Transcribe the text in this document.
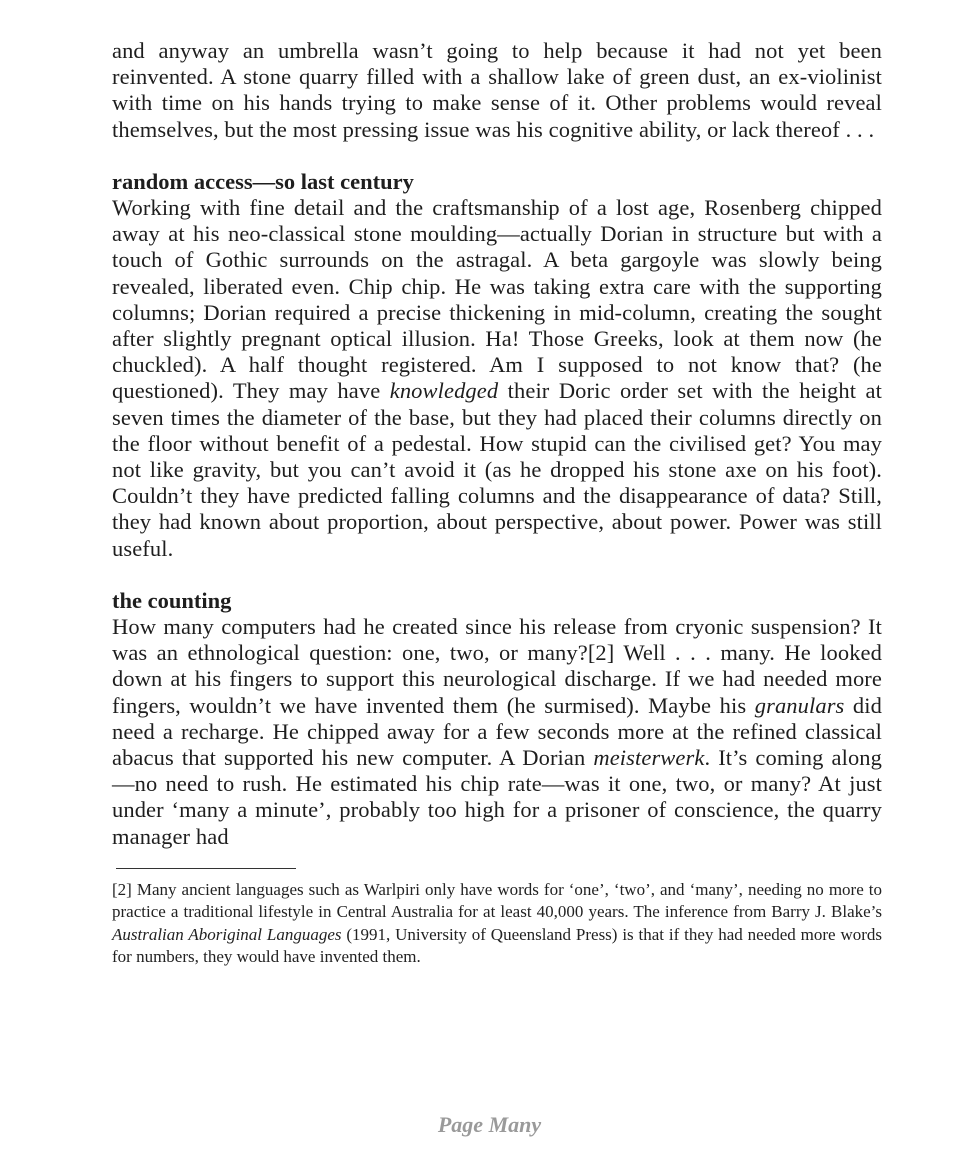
and anyway an umbrella wasn’t going to help because it had not yet been reinvented. A stone quarry filled with a shallow lake of green dust, an ex-violinist with time on his hands trying to make sense of it. Other problems would reveal themselves, but the most pressing issue was his cognitive ability, or lack thereof . . .

random access—so last century

Working with fine detail and the craftsmanship of a lost age, Rosenberg chipped away at his neo-classical stone moulding—actually Dorian in structure but with a touch of Gothic surrounds on the astragal. A beta gargoyle was slowly being revealed, liberated even. Chip chip. He was taking extra care with the supporting columns; Dorian required a precise thickening in mid-column, creating the sought after slightly pregnant optical illusion. Ha! Those Greeks, look at them now (he chuckled). A half thought registered. Am I supposed to not know that? (he questioned). They may have knowledged their Doric order set with the height at seven times the diameter of the base, but they had placed their columns directly on the floor without benefit of a pedestal. How stupid can the civilised get? You may not like gravity, but you can’t avoid it (as he dropped his stone axe on his foot). Couldn’t they have predicted falling columns and the disappearance of data? Still, they had known about proportion, about perspective, about power. Power was still useful.

the counting

How many computers had he created since his release from cryonic suspension? It was an ethnological question: one, two, or many?[2] Well . . . many. He looked down at his fingers to support this neurological discharge. If we had needed more fingers, wouldn’t we have invented them (he surmised). Maybe his granulars did need a recharge. He chipped away for a few seconds more at the refined classical abacus that supported his new computer. A Dorian meisterwerk. It’s coming along —no need to rush. He estimated his chip rate—was it one, two, or many? At just under ‘many a minute’, probably too high for a prisoner of conscience, the quarry manager had

[2] Many ancient languages such as Warlpiri only have words for ‘one’, ‘two’, and ‘many’, needing no more to practice a traditional lifestyle in Central Australia for at least 40,000 years. The inference from Barry J. Blake’s Australian Aboriginal Languages (1991, University of Queensland Press) is that if they had needed more words for numbers, they would have invented them.

Page Many
